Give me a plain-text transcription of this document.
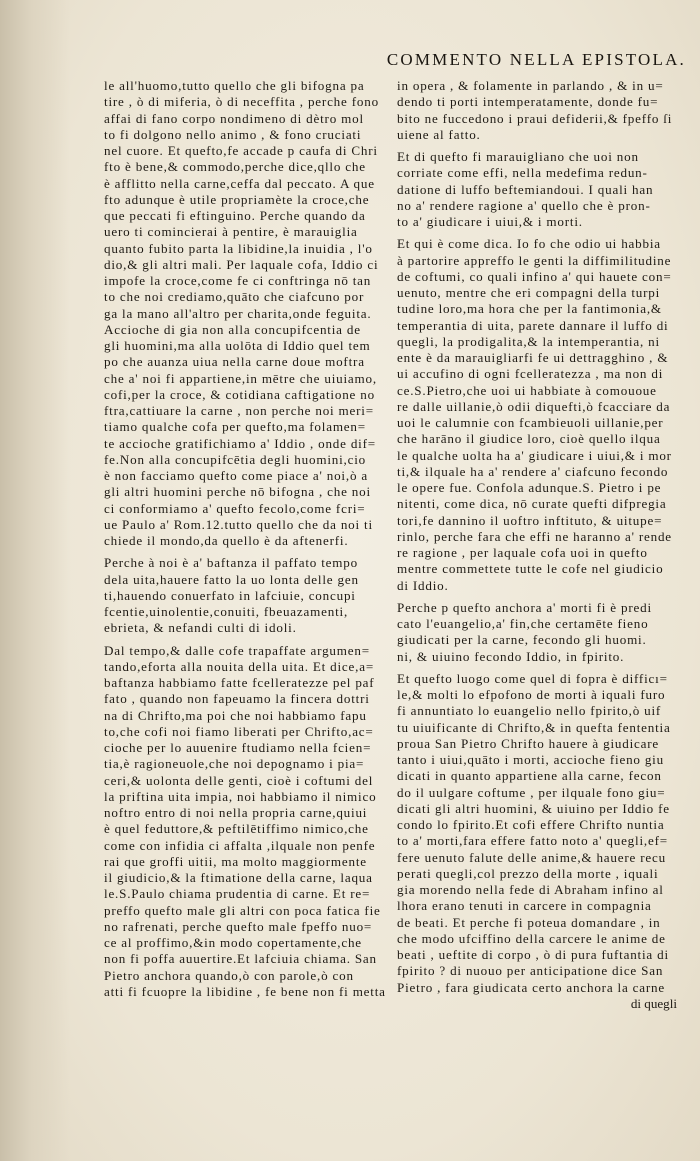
COMMENTO NELLA EPISTOLA.
le all'huomo,tutto quello che gli bifogna pa
tire , ò di miferia, ò di neceffita , perche fono
affai di fano corpo nondimeno di dètro mol
to fi dolgono nello animo , & fono cruciati
nel cuore. Et quefto,fe accade p caufa di Chri
fto è bene,& commodo,perche dice,qllo che
è afflitto nella carne,ceffa dal peccato. A que
fto adunque è utile propriamète la croce,che
que peccati fi eftinguino. Perche quando da
uero ti comincierai à pentire, è marauiglia
quanto fubito parta la libidine,la inuidia , l'o
dio,& gli altri mali. Per laquale cofa, Iddio ci
impofe la croce,come fe ci conftringa nō tan
to che noi crediamo,quāto che ciafcuno por
ga la mano all'altro per charita,onde feguita.
Accioche di gia non alla concupifcentia de
gli huomini,ma alla uolōta di Iddio quel tem
po che auanza uiua nella carne doue moftra
che a' noi fi appartiene,in mētre che uiuiamo,
cofi,per la croce, & cotidiana caftigatione no
ftra,cattiuare la carne , non perche noi meri=
tiamo qualche cofa per quefto,ma folamen=
te accioche gratifichiamo a' Iddio , onde dif=
fe.Non alla concupifcētia degli huomini,cio
è non facciamo quefto come piace a' noi,ò a
gli altri huomini perche nō bifogna , che noi
ci conformiamo a' quefto fecolo,come fcri=
ue Paulo a' Rom.12.tutto quello che da noi ti
chiede il mondo,da quello è da aftenerfi.
Perche à noi è a' baftanza il paffato tempo
dela uita,hauere fatto la uo lonta delle gen
ti,hauendo conuerfato in lafciuie, concupi
fcentie,uinolentie,conuiti, fbeuazamenti,
ebrieta, & nefandi culti di idoli.
Dal tempo,& dalle cofe trapaffate argumen=
tando,eforta alla nouita della uita. Et dice,a=
baftanza habbiamo fatte fcelleratezze pel paf
fato , quando non fapeuamo la fincera dottri
na di Chrifto,ma poi che noi habbiamo fapu
to,che cofi noi fiamo liberati per Chrifto,ac=
cioche per lo auuenire ftudiamo nella fcien=
tia,è ragioneuole,che noi depognamo i pia=
ceri,& uolonta delle genti, cioè i coftumi del
la priftina uita impia, noi habbiamo il nimico
noftro entro di noi nella propria carne,quiui
è quel feduttore,& peftilētiffimo nimico,che
come con infidia ci affalta ,ilquale non penfe
rai que groffi uitii, ma molto maggiormente
il giudicio,& la ftimatione della carne, laqua
le.S.Paulo chiama prudentia di carne. Et re=
preffo quefto male gli altri con poca fatica fie
no rafrenati, perche quefto male fpeffo nuo=
ce al proffimo,&in modo copertamente,che
non fi poffa auuertire.Et lafciuia chiama. San
Pietro anchora quando,ò con parole,ò con
atti fi fcuopre la libidine , fe bene non fi metta
in opera , & folamente in parlando , & in u=
dendo ti porti intemperatamente, donde fu=
bito ne fuccedono i praui defiderii,& fpeffo ſi
uiene al fatto.
Et di quefto fi marauigliano che uoi non
corriate come effi, nella medefima redun-
datione di luffo beftemiandoui. I quali han
no a' rendere ragione a' quello che è pron-
to a' giudicare i uiui,& i morti.
Et qui è come dica. Io fo che odio ui habbia
à partorire appreffo le genti la diffimilitudine
de coftumi, co quali infino a' qui hauete con=
uenuto, mentre che eri compagni della turpi
tudine loro,ma hora che per la fantimonia,&
temperantia di uita, parete dannare il luffo di
quegli, la prodigalita,& la intemperantia, ni
ente è da marauigliarfi fe ui dettragghino , &
ui accufino di ogni fcelleratezza , ma non di
ce.S.Pietro,che uoi ui habbiate à comououe
re dalle uillanie,ò odii diquefti,ò fcacciare da
uoi le calumnie con fcambieuoli uillanie,per
che harāno il giudice loro, cioè quello ilqua
le qualche uolta ha a' giudicare i uiui,& i mor
ti,& ilquale ha a' rendere a' ciafcuno fecondo
le opere fue. Confola adunque.S. Pietro i pe
nitenti, come dica, nō curate quefti difpregia
tori,fe dannino il uoftro inftituto, & uitupe=
rinlo, perche fara che effi ne haranno a' rende
re ragione , per laquale cofa uoi in quefto
mentre commettete tutte le cofe nel giudicio
di Iddio.
Perche p quefto anchora a' morti fi è predi
cato l'euangelio,a' fin,che certamēte fieno
giudicati per la carne, fecondo gli huomi.
ni, & uiuino fecondo Iddio, in fpirito.
Et quefto luogo come quel di fopra è difficı=
le,& molti lo efpofono de morti à iquali furo
fi annuntiato lo euangelio nello fpirito,ò uif
tu uiuificante di Chrifto,& in quefta fententia
proua San Pietro Chrifto hauere à giudicare
tanto i uiui,quāto i morti, accioche fieno giu
dicati in quanto appartiene alla carne, fecon
do il uulgare coftume , per ilquale fono giu=
dicati gli altri huomini, & uiuino per Iddio fe
condo lo fpirito.Et cofi effere Chrifto nuntia
to a' morti,fara effere fatto noto a' quegli,ef=
fere uenuto falute delle anime,& hauere recu
perati quegli,col prezzo della morte , iquali
gia morendo nella fede di Abraham infino al
lhora erano tenuti in carcere in compagnia
de beati. Et perche fi poteua domandare , in
che modo ufciffino della carcere le anime de
beati , ueftite di corpo , ò di pura fuftantia di
fpirito ? di nuouo per anticipatione dice San
Pietro , fara giudicata certo anchora la carne
di quegli
